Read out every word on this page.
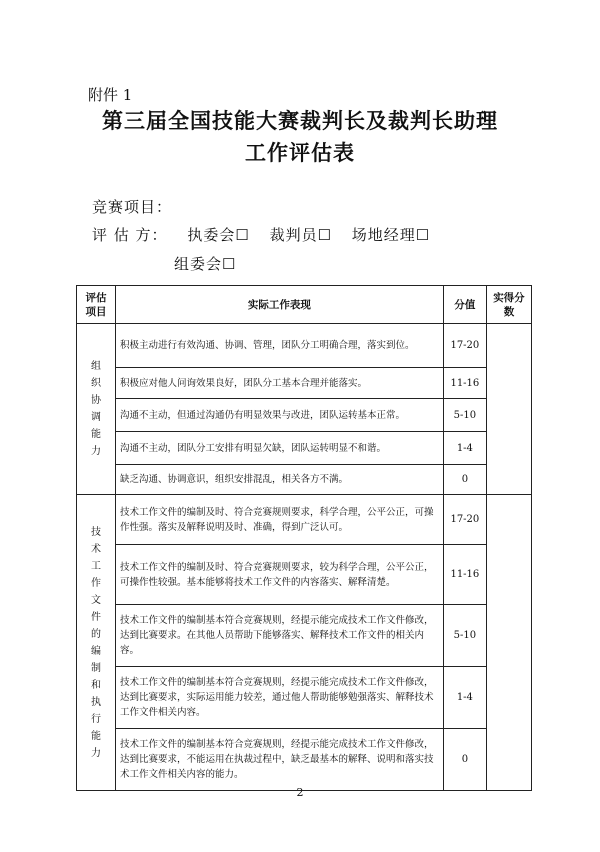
附件 1
第三届全国技能大赛裁判长及裁判长助理
工作评估表
竞赛项目：
评 估 方： 执委会☐ 裁判员☐ 场地经理☐
组委会☐
评估项目	实际工作表现	分值	实得分数
组织协调能力	积极主动进行有效沟通、协调、管理，团队分工明确合理，落实到位。	17-20	
	积极应对他人问询效果良好，团队分工基本合理并能落实。	11-16	
	沟通不主动，但通过沟通仍有明显效果与改进，团队运转基本正常。	5-10	
	沟通不主动，团队分工安排有明显欠缺，团队运转明显不和谐。	1-4	
	缺乏沟通、协调意识，组织安排混乱，相关各方不满。	0	
技术工作文件的编制和执行能力	技术工作文件的编制及时、符合竞赛规则要求，科学合理，公平公正，可操作性强。落实及解释说明及时、准确，得到广泛认可。	17-20	
	技术工作文件的编制及时、符合竞赛规则要求，较为科学合理，公平公正，可操作性较强。基本能够将技术工作文件的内容落实、解释清楚。	11-16	
	技术工作文件的编制基本符合竞赛规则，经提示能完成技术工作文件修改，达到比赛要求。在其他人员帮助下能够落实、解释技术工作文件的相关内容。	5-10	
	技术工作文件的编制基本符合竞赛规则，经提示能完成技术工作文件修改，达到比赛要求，实际运用能力较差，通过他人帮助能够勉强落实、解释技术工作文件相关内容。	1-4	
	技术工作文件的编制基本符合竞赛规则，经提示能完成技术工作文件修改，达到比赛要求，不能运用在执裁过程中，缺乏最基本的解释、说明和落实技术工作文件相关内容的能力。	0	
2
